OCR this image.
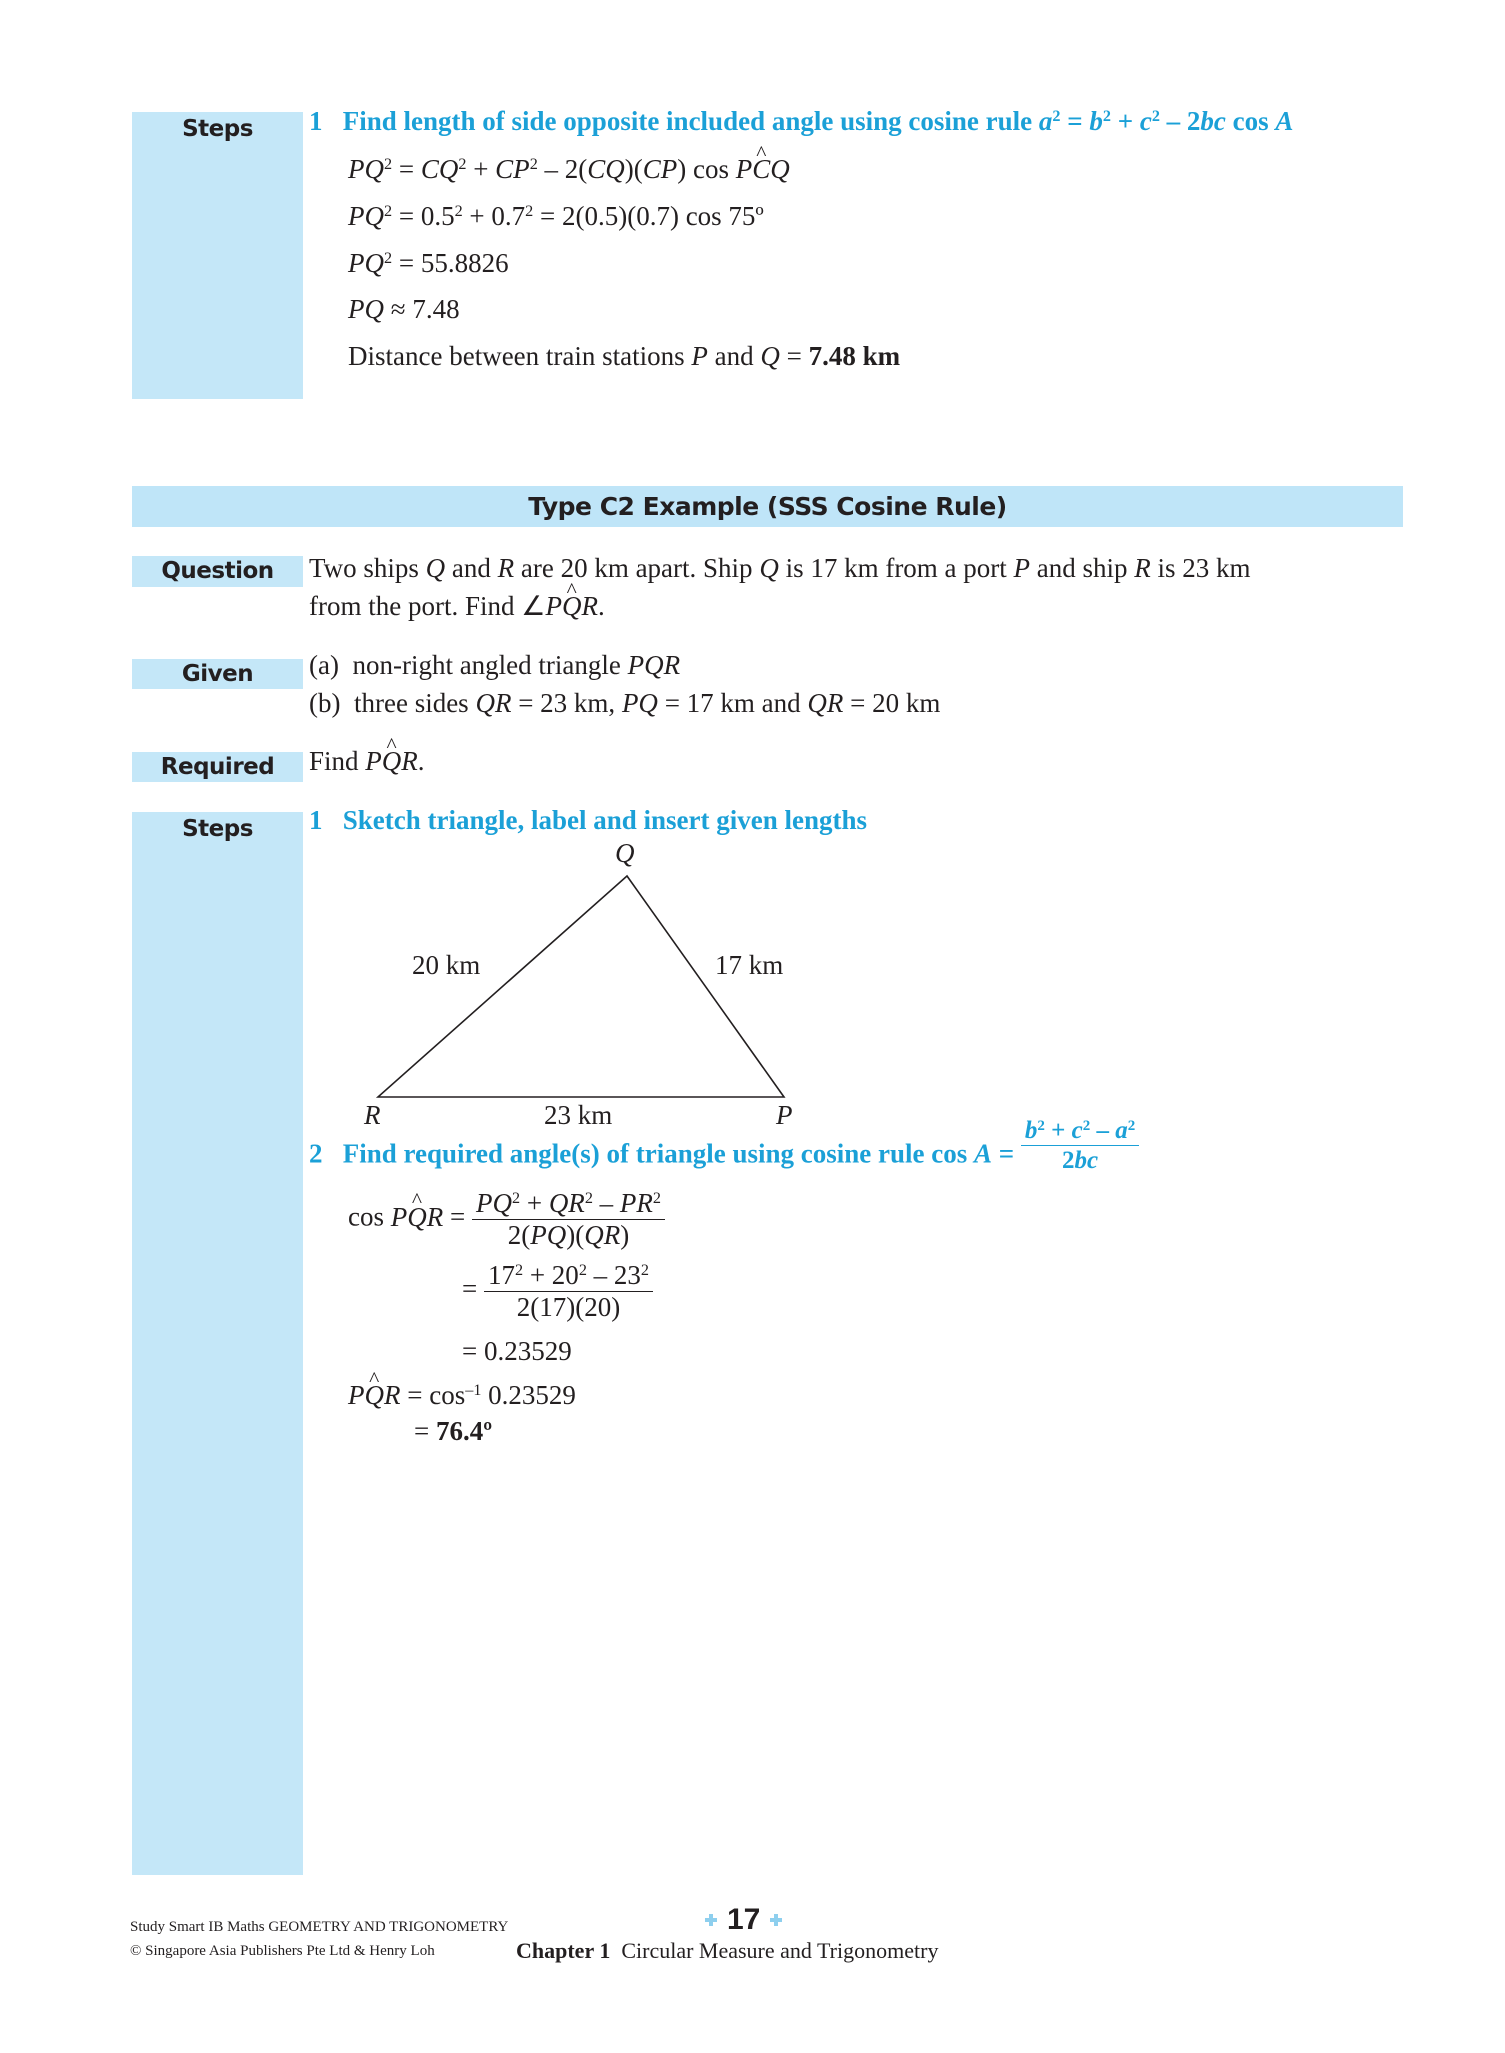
Steps	1 Find length of side opposite included angle using cosine rule $a^2 = b^2 + c^2 - 2bc$ cos A
$PQ^2 = CQ^2 + CP^2 - 2(CQ)(CP)$ cos P^ CQ
$PQ^2 = 0.5^2 + 0.7^2 = 2(0.5)(0.7)$ cos 75º
$PQ^2 = 55.8826$
PQ ≈ 7.48
Distance between train stations P and Q = 7.48 km
Type C2 Example (SSS Cosine Rule)
Question	Two ships Q and R are 20 km apart. Ship Q is 17 km from a port P and ship R is 23 km
from the port. Find ∠P^ QR.
Given	(a)  non-right angled triangle PQR
(b)  three sides QR = 23 km, PQ = 17 km and QR = 20 km
Required	Find P^ QR.
Steps	1 Sketch triangle, label and insert given lengths
Q
R	P
20 km	17 km
23 km
2   Find required angle(s) of triangle using cosine rule $\cos A = \frac{b^2 + c^2 - a^2}{2bc}$
cos P^ QR = $\frac{PQ^2 + QR^2 - PR^2}{2(PQ)(QR)}$
= $\frac{17^2 + 20^2 - 23^2}{2(17)(20)}$
= 0.23529
P^ QR = $\cos^{-1} 0.23529$
= 76.4º
Study Smart IB Maths GEOMETRY AND TRIGONOMETRY
© Singapore Asia Publishers Pte Ltd & Henry Loh
17
Chapter 1 Circular Measure and Trigonometry
